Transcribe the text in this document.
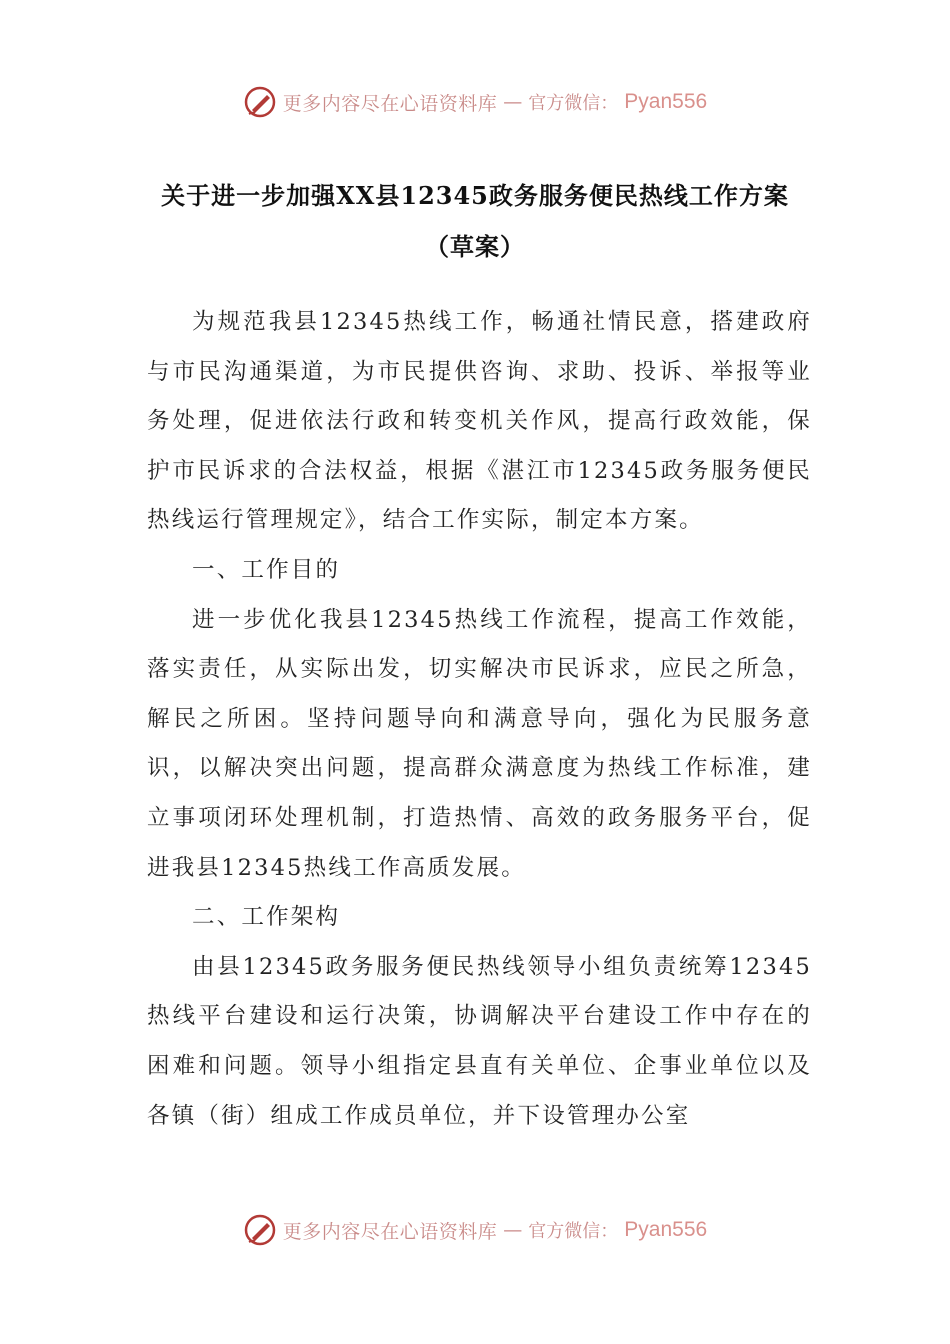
更多内容尽在心语资料库 — 官方微信： Pyan556
关于进一步加强XX县12345政务服务便民热线工作方案
（草案）

为规范我县12345热线工作，畅通社情民意，搭建政府与市民沟通渠道，为市民提供咨询、求助、投诉、举报等业务处理，促进依法行政和转变机关作风，提高行政效能，保护市民诉求的合法权益，根据《湛江市12345政务服务便民热线运行管理规定》，结合工作实际，制定本方案。

一、工作目的

进一步优化我县12345热线工作流程，提高工作效能，落实责任，从实际出发，切实解决市民诉求，应民之所急，解民之所困。坚持问题导向和满意导向，强化为民服务意识，以解决突出问题，提高群众满意度为热线工作标准，建立事项闭环处理机制，打造热情、高效的政务服务平台，促进我县12345热线工作高质发展。

二、工作架构

由县12345政务服务便民热线领导小组负责统筹12345热线平台建设和运行决策，协调解决平台建设工作中存在的困难和问题。领导小组指定县直有关单位、企事业单位以及各镇（街）组成工作成员单位，并下设管理办公室

更多内容尽在心语资料库 — 官方微信： Pyan556
